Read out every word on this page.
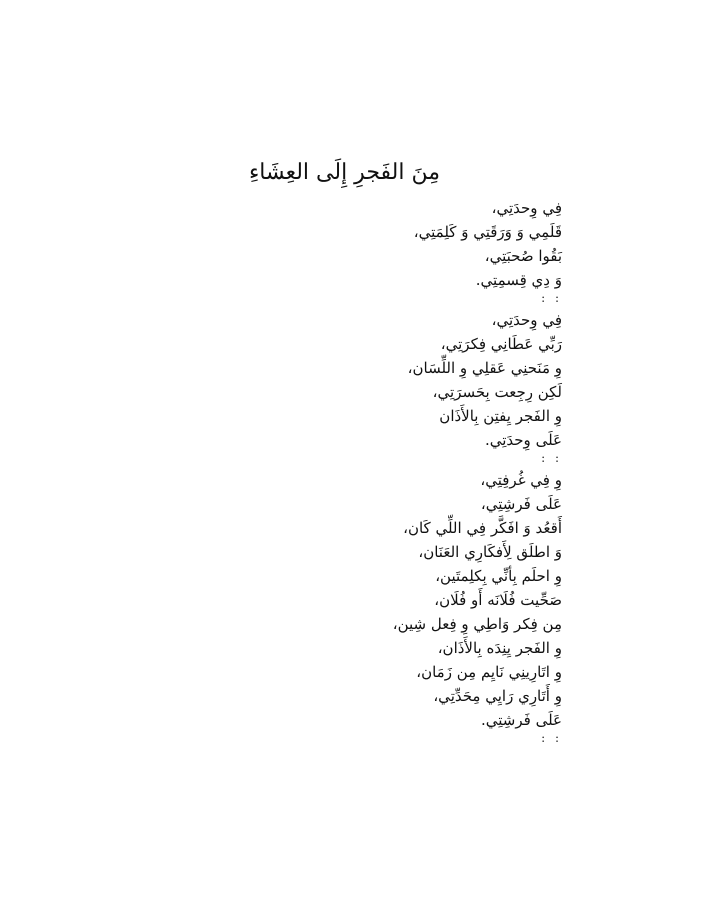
مِنَ الفَجرِ إِلَى العِشَاءِ
فِي وِحدَتِي،
قَلَمِي وَ وَرَقَتِي وَ كَلِمَتِي،
بَقُوا صُحبَتِي،
وَ دِي قِسمِتِي.
: :
فِي وِحدَتِي،
رَبِّي عَطَانِي فِكرَتِي،
وِ مَنَحنِي عَقلِي وِ اللِّسَان،
لَكِن رِجِعت بِحَسرَتِي،
وِ الفَجر يِفتِن بِالأَذَان
عَلَى وِحدَتِي.
: :
وِ فِي غُرفِتِي،
عَلَى فَرشِتِي،
أَقعُد وَ افَكَّر فِي اللِّي كَان،
وَ اطلَق لِأَفكَارِي العَنَان،
وِ احلَم بِأنِّي بِكلِمتَين،
صَحِّيت فُلَانَه أَو فُلَان،
مِن فِكر وَاطِي وِ فِعل شِين،
وِ الفَجر يِنِدَه بِالأَذَان،
وِ اتَارِينِي نَايِم مِن زَمَان،
وِ أَتَارِي رَايِي مِحَدِّتِي،
عَلَى فَرشِتِي.
: :
